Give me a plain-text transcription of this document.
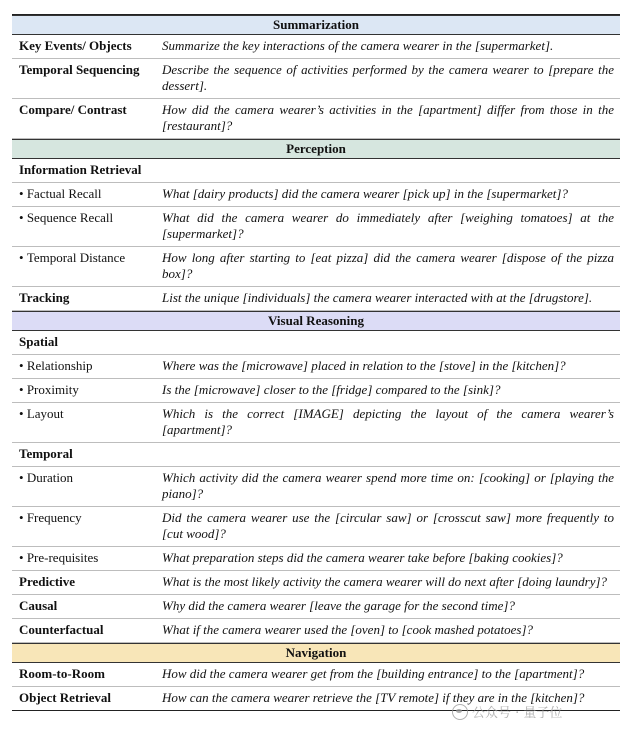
Summarization
Key Events/ Objects	Summarize the key interactions of the camera wearer in the [supermarket].
Temporal Sequencing	Describe the sequence of activities performed by the camera wearer to [prepare the dessert].
Compare/ Contrast	How did the camera wearer’s activities in the [apartment] differ from those in the [restaurant]?
Perception
Information Retrieval
• Factual Recall	What [dairy products] did the camera wearer [pick up] in the [supermarket]?
• Sequence Recall	What did the camera wearer do immediately after [weighing tomatoes] at the [supermarket]?
• Temporal Distance	How long after starting to [eat pizza] did the camera wearer [dispose of the pizza box]?
Tracking	List the unique [individuals] the camera wearer interacted with at the [drugstore].
Visual Reasoning
Spatial
• Relationship	Where was the [microwave] placed in relation to the [stove] in the [kitchen]?
• Proximity	Is the [microwave] closer to the [fridge] compared to the [sink]?
• Layout	Which is the correct [IMAGE] depicting the layout of the camera wearer’s [apartment]?
Temporal
• Duration	Which activity did the camera wearer spend more time on: [cooking] or [playing the piano]?
• Frequency	Did the camera wearer use the [circular saw] or [crosscut saw] more frequently to [cut wood]?
• Pre-requisites	What preparation steps did the camera wearer take before [baking cookies]?
Predictive	What is the most likely activity the camera wearer will do next after [doing laundry]?
Causal	Why did the camera wearer [leave the garage for the second time]?
Counterfactual	What if the camera wearer used the [oven] to [cook mashed potatoes]?
Navigation
Room-to-Room	How did the camera wearer get from the [building entrance] to the [apartment]?
Object Retrieval	How can the camera wearer retrieve the [TV remote] if they are in the [kitchen]?
公众号 · 量子位
